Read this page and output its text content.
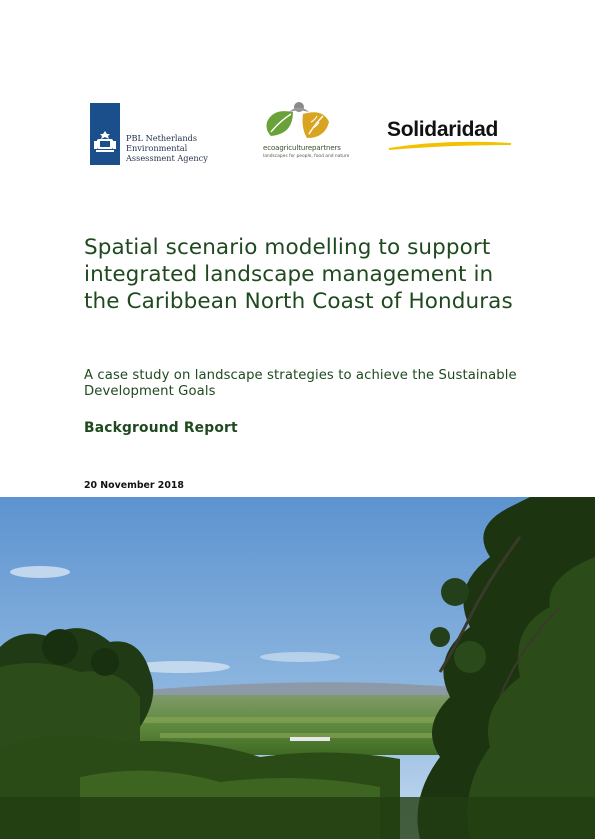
PBL Netherlands Environmental
Assessment Agency
ecoagriculturepartners
landscapes for people, food and nature
Solidaridad
Spatial scenario modelling to support integrated landscape management in the Caribbean North Coast of Honduras

A case study on landscape strategies to achieve the Sustainable Development Goals

Background Report

20 November 2018
